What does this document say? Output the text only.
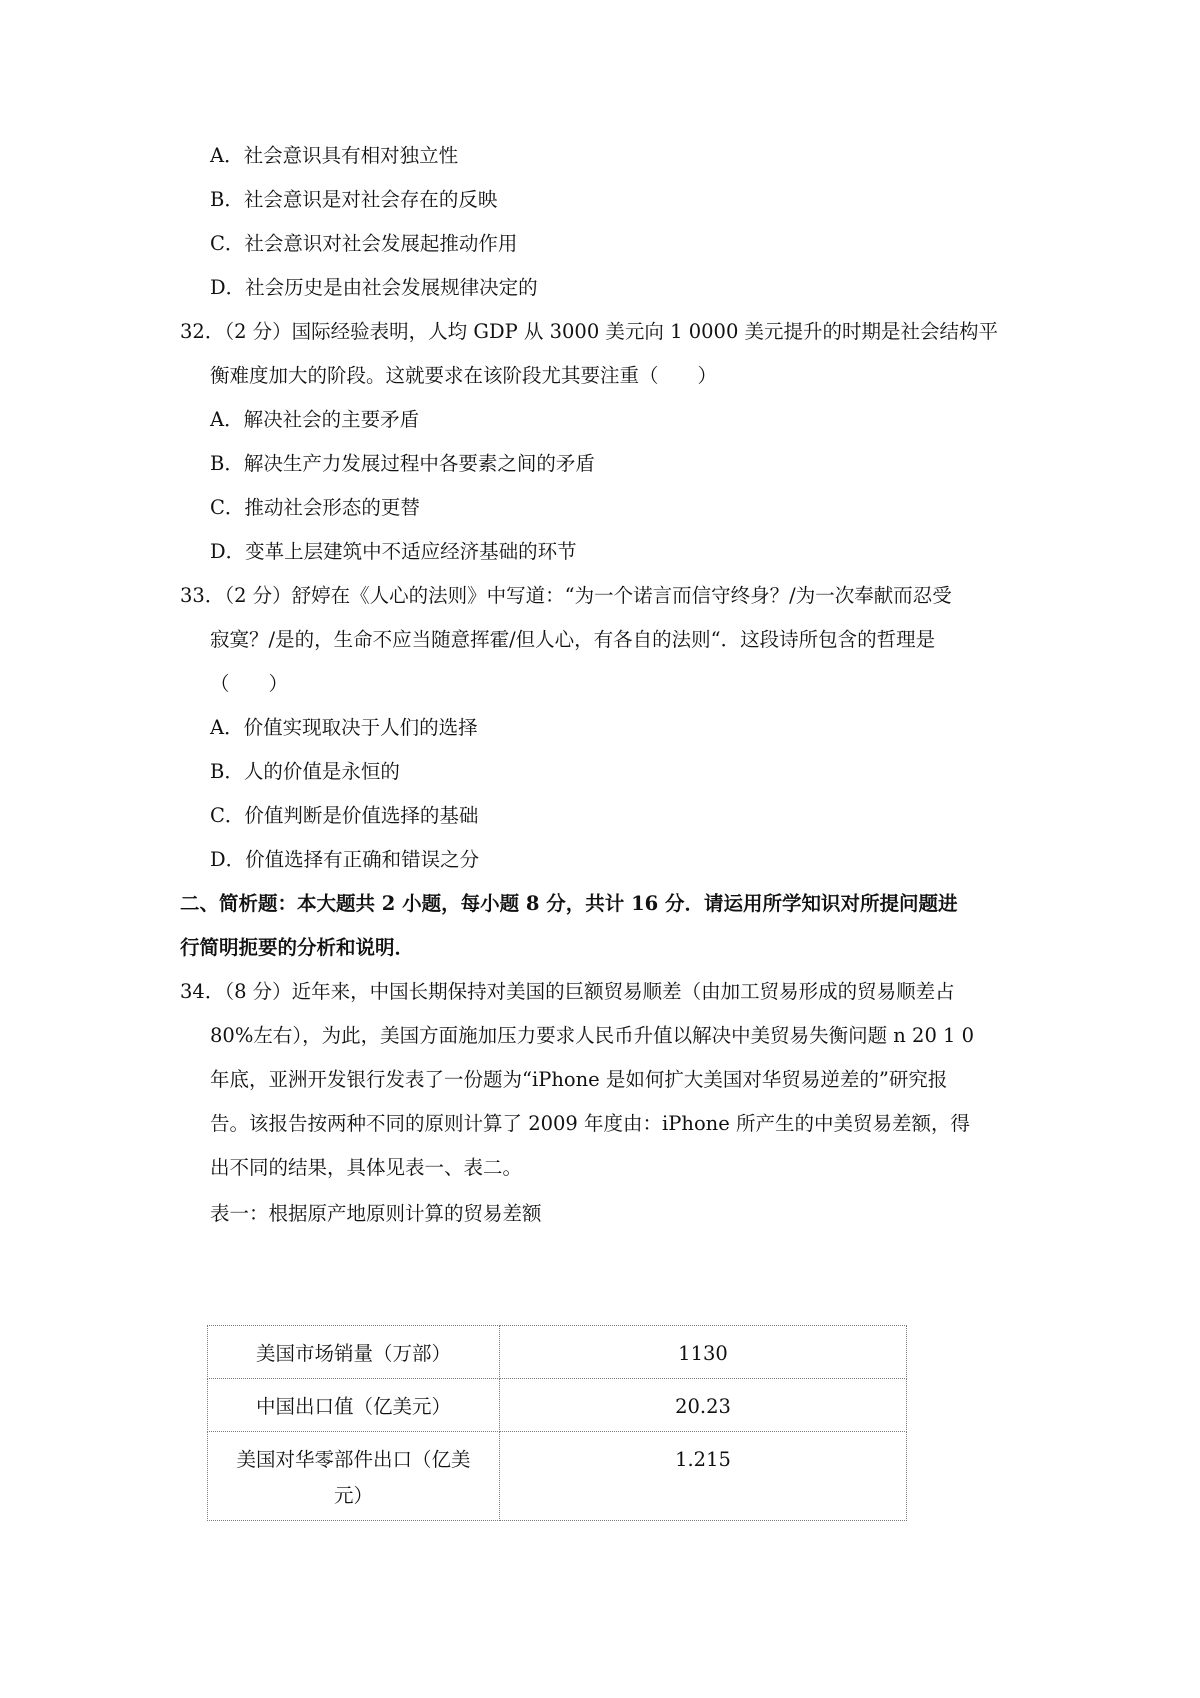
A．社会意识具有相对独立性
B．社会意识是对社会存在的反映
C．社会意识对社会发展起推动作用
D．社会历史是由社会发展规律决定的
32．（2 分）国际经验表明，人均 GDP 从 3000 美元向 1 0000 美元提升的时期是社会结构平
衡难度加大的阶段。这就要求在该阶段尤其要注重（　　）
A．解决社会的主要矛盾
B．解决生产力发展过程中各要素之间的矛盾
C．推动社会形态的更替
D．变革上层建筑中不适应经济基础的环节
33．（2 分）舒婷在《人心的法则》中写道：“为一个诺言而信守终身？/为一次奉献而忍受
寂寞？/是的，生命不应当随意挥霍/但人心，有各自的法则“．这段诗所包含的哲理是
（　　）
A．价值实现取决于人们的选择
B．人的价值是永恒的
C．价值判断是价值选择的基础
D．价值选择有正确和错误之分
二、简析题：本大题共 2 小题，每小题 8 分，共计 16 分．请运用所学知识对所提问题进
行简明扼要的分析和说明．
34．（8 分）近年来，中国长期保持对美国的巨额贸易顺差（由加工贸易形成的贸易顺差占
80%左右），为此，美国方面施加压力要求人民币升值以解决中美贸易失衡问题 n 20 1 0
年底，亚洲开发银行发表了一份题为“iPhone 是如何扩大美国对华贸易逆差的”研究报
告。该报告按两种不同的原则计算了 2009 年度由：iPhone 所产生的中美贸易差额，得
出不同的结果，具体见表一、表二。
表一：根据原产地原则计算的贸易差额
美国市场销量（万部）	1130
中国出口值（亿美元）	20.23

美国对华零部件出口（亿美
元）	1.215
